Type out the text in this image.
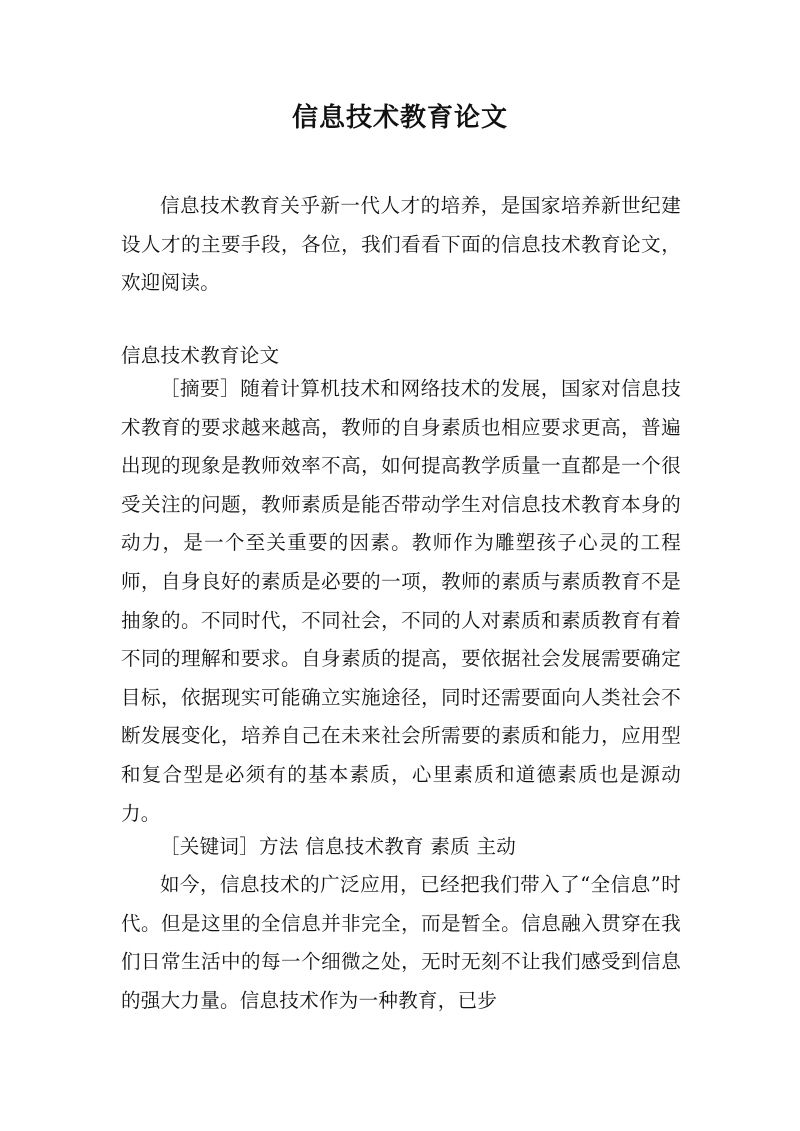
信息技术教育论文

信息技术教育关乎新一代人才的培养，是国家培养新世纪建设人才的主要手段，各位，我们看看下面的信息技术教育论文，欢迎阅读。

信息技术教育论文

［摘要］随着计算机技术和网络技术的发展，国家对信息技术教育的要求越来越高，教师的自身素质也相应要求更高，普遍出现的现象是教师效率不高，如何提高教学质量一直都是一个很受关注的问题，教师素质是能否带动学生对信息技术教育本身的动力，是一个至关重要的因素。教师作为雕塑孩子心灵的工程师，自身良好的素质是必要的一项，教师的素质与素质教育不是抽象的。不同时代，不同社会，不同的人对素质和素质教育有着不同的理解和要求。自身素质的提高，要依据社会发展需要确定目标，依据现实可能确立实施途径，同时还需要面向人类社会不断发展变化，培养自己在未来社会所需要的素质和能力，应用型和复合型是必须有的基本素质，心里素质和道德素质也是源动力。

［关键词］方法 信息技术教育 素质 主动

如今，信息技术的广泛应用，已经把我们带入了“全信息”时代。但是这里的全信息并非完全，而是暂全。信息融入贯穿在我们日常生活中的每一个细微之处，无时无刻不让我们感受到信息的强大力量。信息技术作为一种教育，已步
